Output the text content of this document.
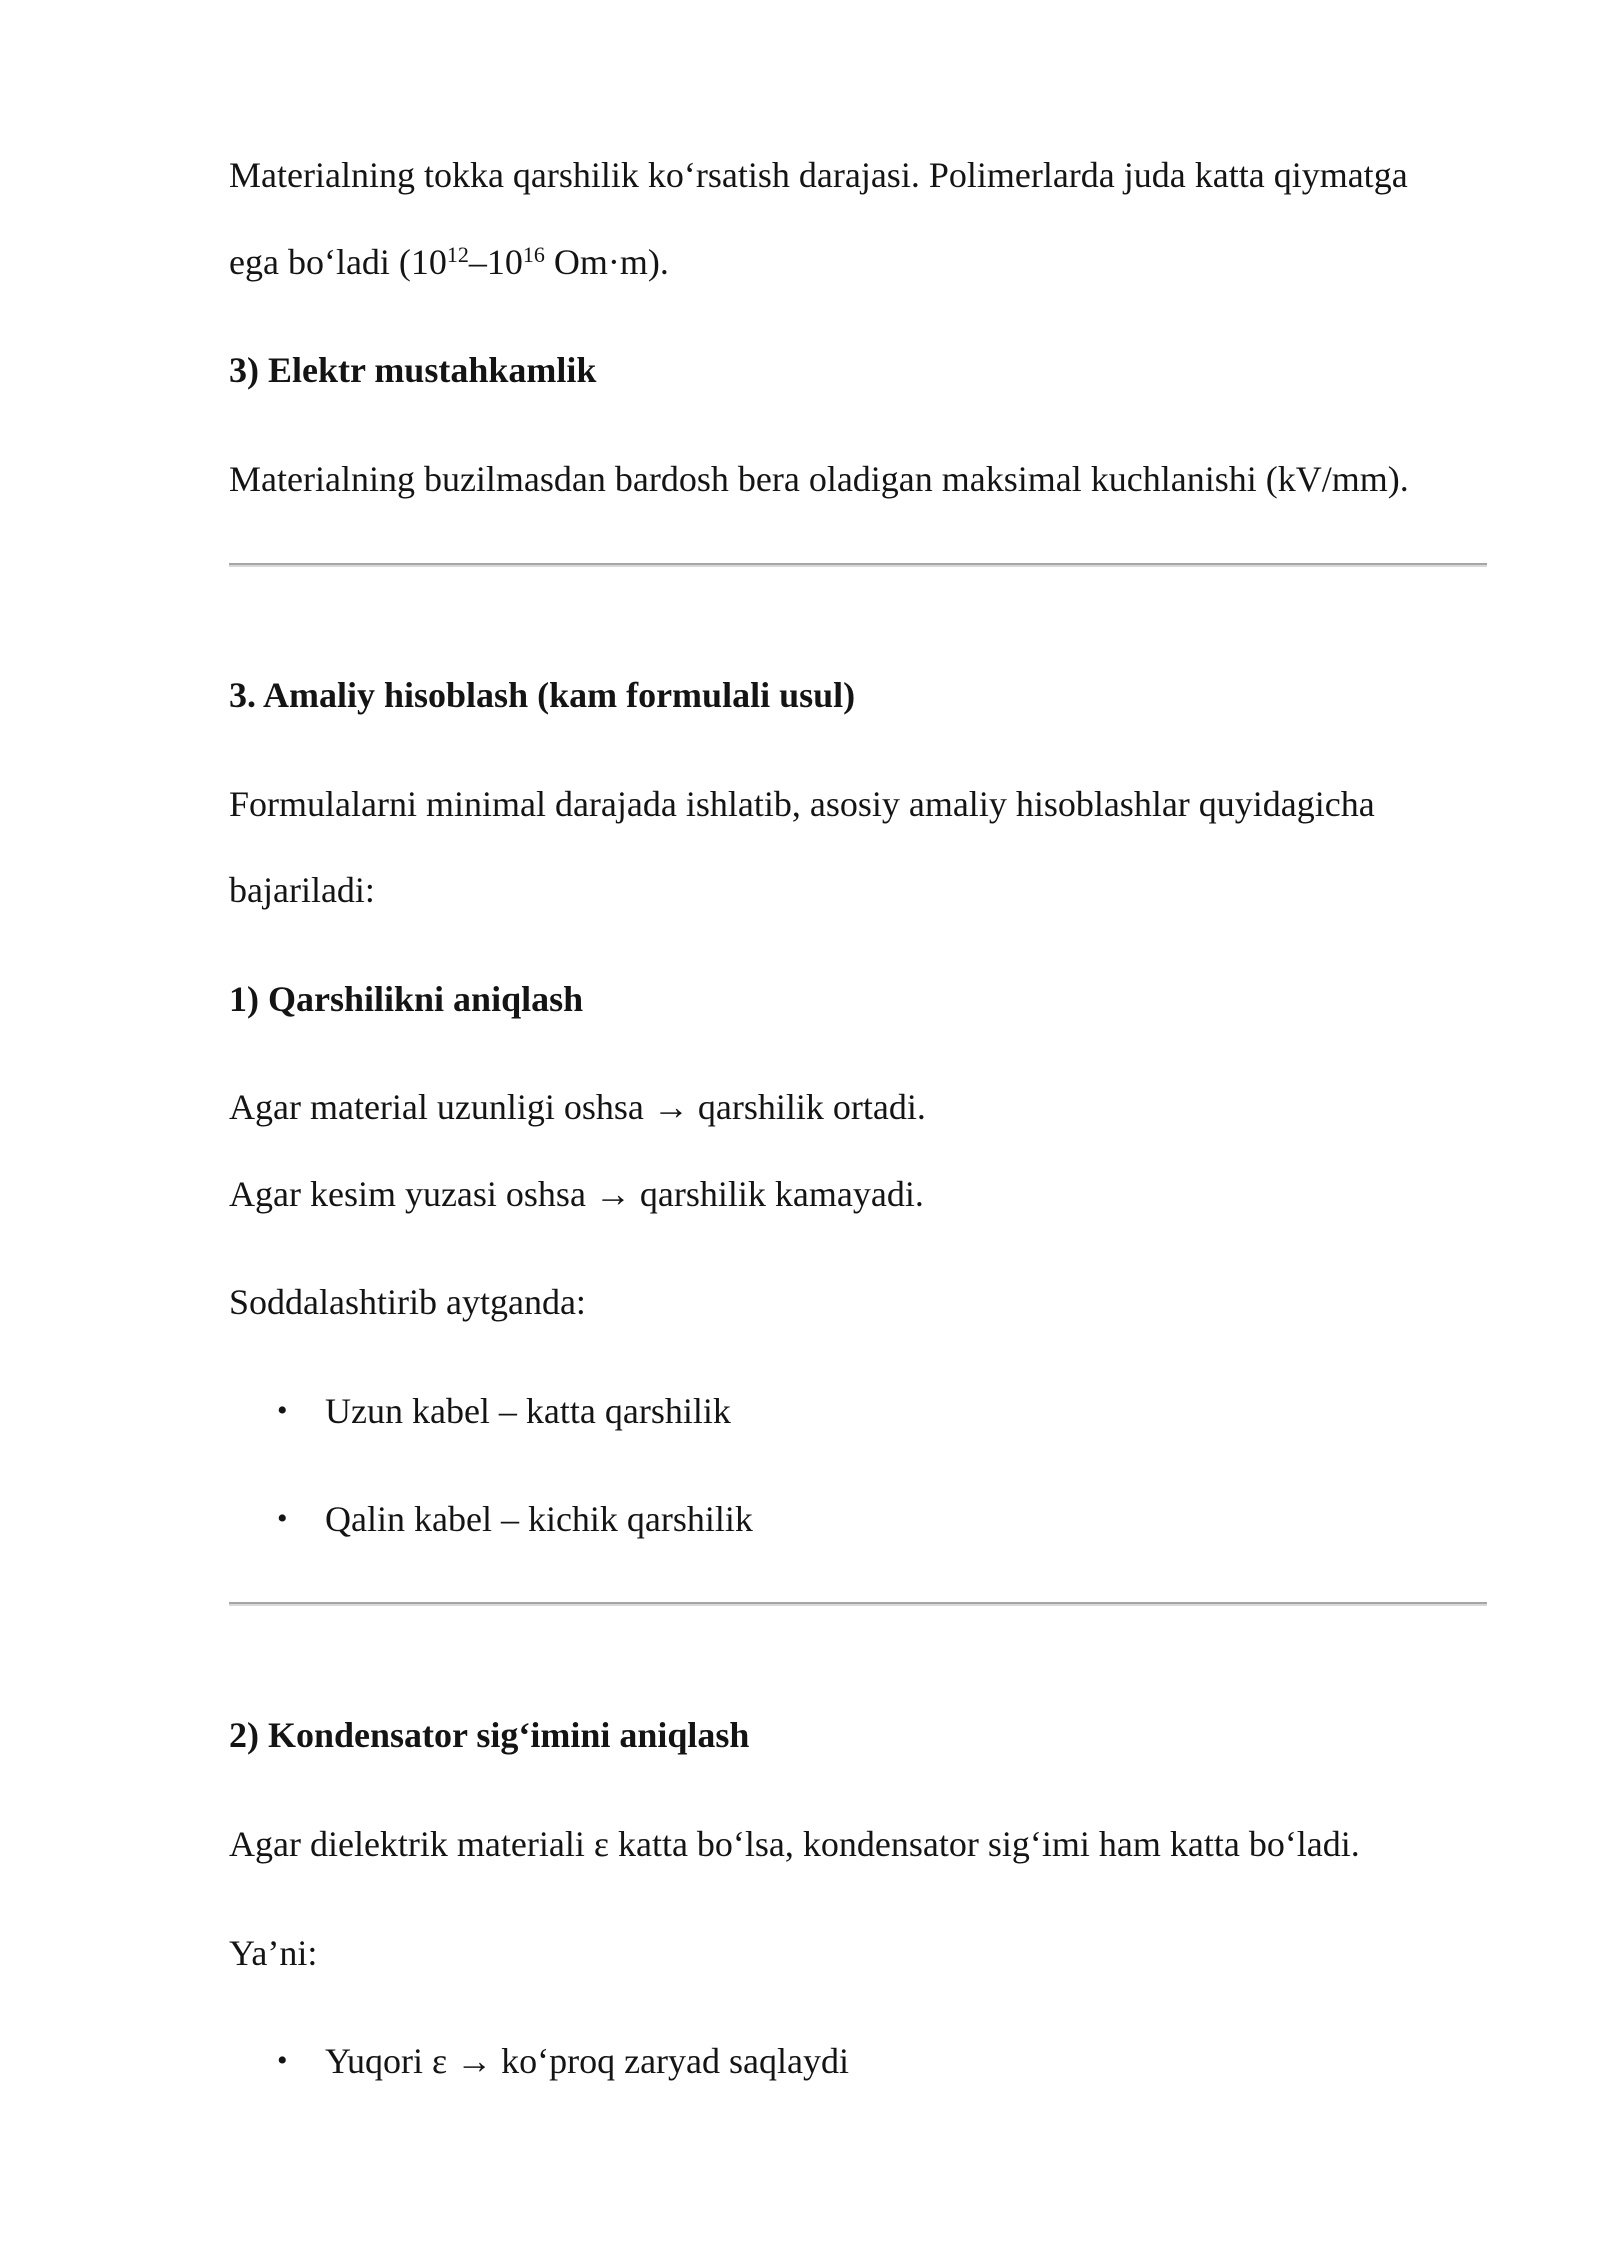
Materialning tokka qarshilik ko‘rsatish darajasi. Polimerlarda juda katta qiymatga

ega bo‘ladi ($10^{12}-10^{16}$ Om·m).

3) Elektr mustahkamlik

Materialning buzilmasdan bardosh bera oladigan maksimal kuchlanishi (kV/mm).

3. Amaliy hisoblash (kam formulali usul)

Formulalarni minimal darajada ishlatib, asosiy amaliy hisoblashlar quyidagicha

bajariladi:

1) Qarshilikni aniqlash

Agar material uzunligi oshsa → qarshilik ortadi.

Agar kesim yuzasi oshsa → qarshilik kamayadi.

Soddalashtirib aytganda:

• Uzun kabel – katta qarshilik
• Qalin kabel – kichik qarshilik

2) Kondensator sig‘imini aniqlash

Agar dielektrik materiali ε katta bo‘lsa, kondensator sig‘imi ham katta bo‘ladi.

Ya’ni:

• Yuqori ε → ko‘proq zaryad saqlaydi
